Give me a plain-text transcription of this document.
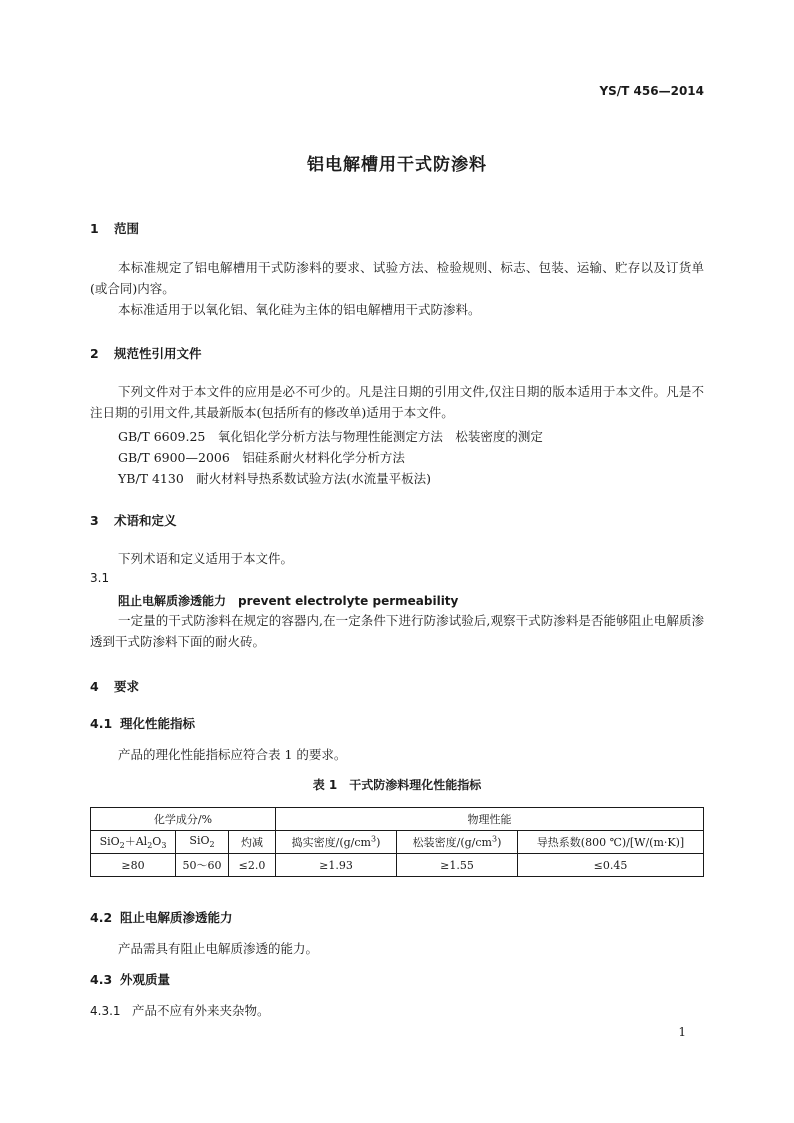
YS/T 456—2014
铝电解槽用干式防渗料
1 范围

本标准规定了铝电解槽用干式防渗料的要求、试验方法、检验规则、标志、包装、运输、贮存以及订货单(或合同)内容。

本标准适用于以氧化铝、氧化硅为主体的铝电解槽用干式防渗料。

2 规范性引用文件

下列文件对于本文件的应用是必不可少的。凡是注日期的引用文件,仅注日期的版本适用于本文件。凡是不注日期的引用文件,其最新版本(包括所有的修改单)适用于本文件。

GB/T 6609.25　 氧化铝化学分析方法与物理性能测定方法　松装密度的测定
GB/T 6900—2006　 铝硅系耐火材料化学分析方法
YB/T 4130　 耐火材料导热系数试验方法(水流量平板法)
3 术语和定义
下列术语和定义适用于本文件。
3.1
阻止电解质渗透能力　 prevent electrolyte permeability

一定量的干式防渗料在规定的容器内,在一定条件下进行防渗试验后,观察干式防渗料是否能够阻止电解质渗透到干式防渗料下面的耐火砖。

4 要求
4.1 理化性能指标
产品的理化性能指标应符合表 1 的要求。
表 1　干式防渗料理化性能指标
化学成分/%			物理性能		
$SiO_2+Al_2O_3$	SiO$_2$	灼减	捣实密度$/(g/cm^3)$	松装密度$/(g/cm^3)$	导热系数(800 ℃)/[W/(m·K)]
≥80	50～60	≤2.0	≥1.93	≥1.55	≤0.45
4.2 阻止电解质渗透能力
产品需具有阻止电解质渗透的能力。
4.3 外观质量
4.3.1 产品不应有外来夹杂物。
1
